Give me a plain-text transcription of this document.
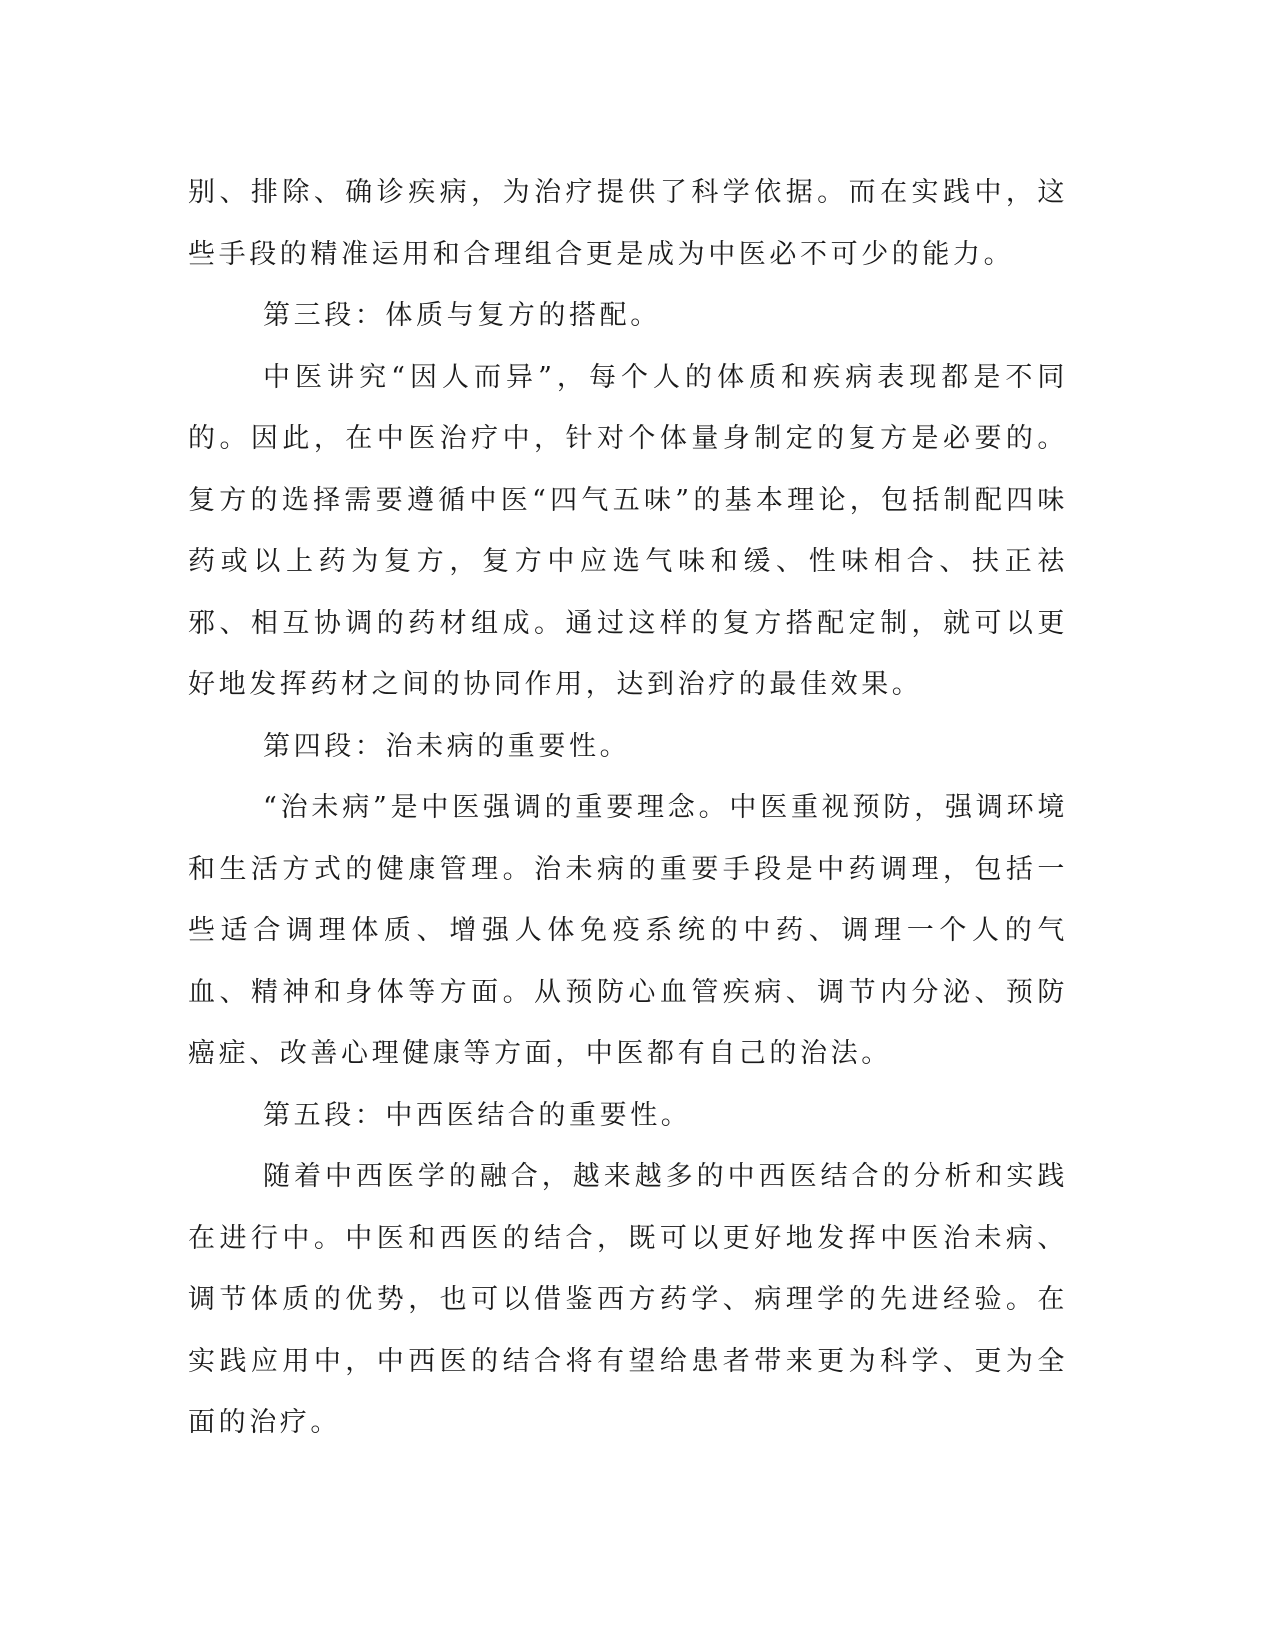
别、排除、确诊疾病，为治疗提供了科学依据。而在实践中，这些手段的精准运用和合理组合更是成为中医必不可少的能力。

第三段：体质与复方的搭配。

中医讲究“因人而异”，每个人的体质和疾病表现都是不同的。因此，在中医治疗中，针对个体量身制定的复方是必要的。复方的选择需要遵循中医“四气五味”的基本理论，包括制配四味药或以上药为复方，复方中应选气味和缓、性味相合、扶正祛邪、相互协调的药材组成。通过这样的复方搭配定制，就可以更好地发挥药材之间的协同作用，达到治疗的最佳效果。

第四段：治未病的重要性。

“治未病”是中医强调的重要理念。中医重视预防，强调环境和生活方式的健康管理。治未病的重要手段是中药调理，包括一些适合调理体质、增强人体免疫系统的中药、调理一个人的气血、精神和身体等方面。从预防心血管疾病、调节内分泌、预防癌症、改善心理健康等方面，中医都有自己的治法。

第五段：中西医结合的重要性。

随着中西医学的融合，越来越多的中西医结合的分析和实践在进行中。中医和西医的结合，既可以更好地发挥中医治未病、调节体质的优势，也可以借鉴西方药学、病理学的先进经验。在实践应用中，中西医的结合将有望给患者带来更为科学、更为全面的治疗。
